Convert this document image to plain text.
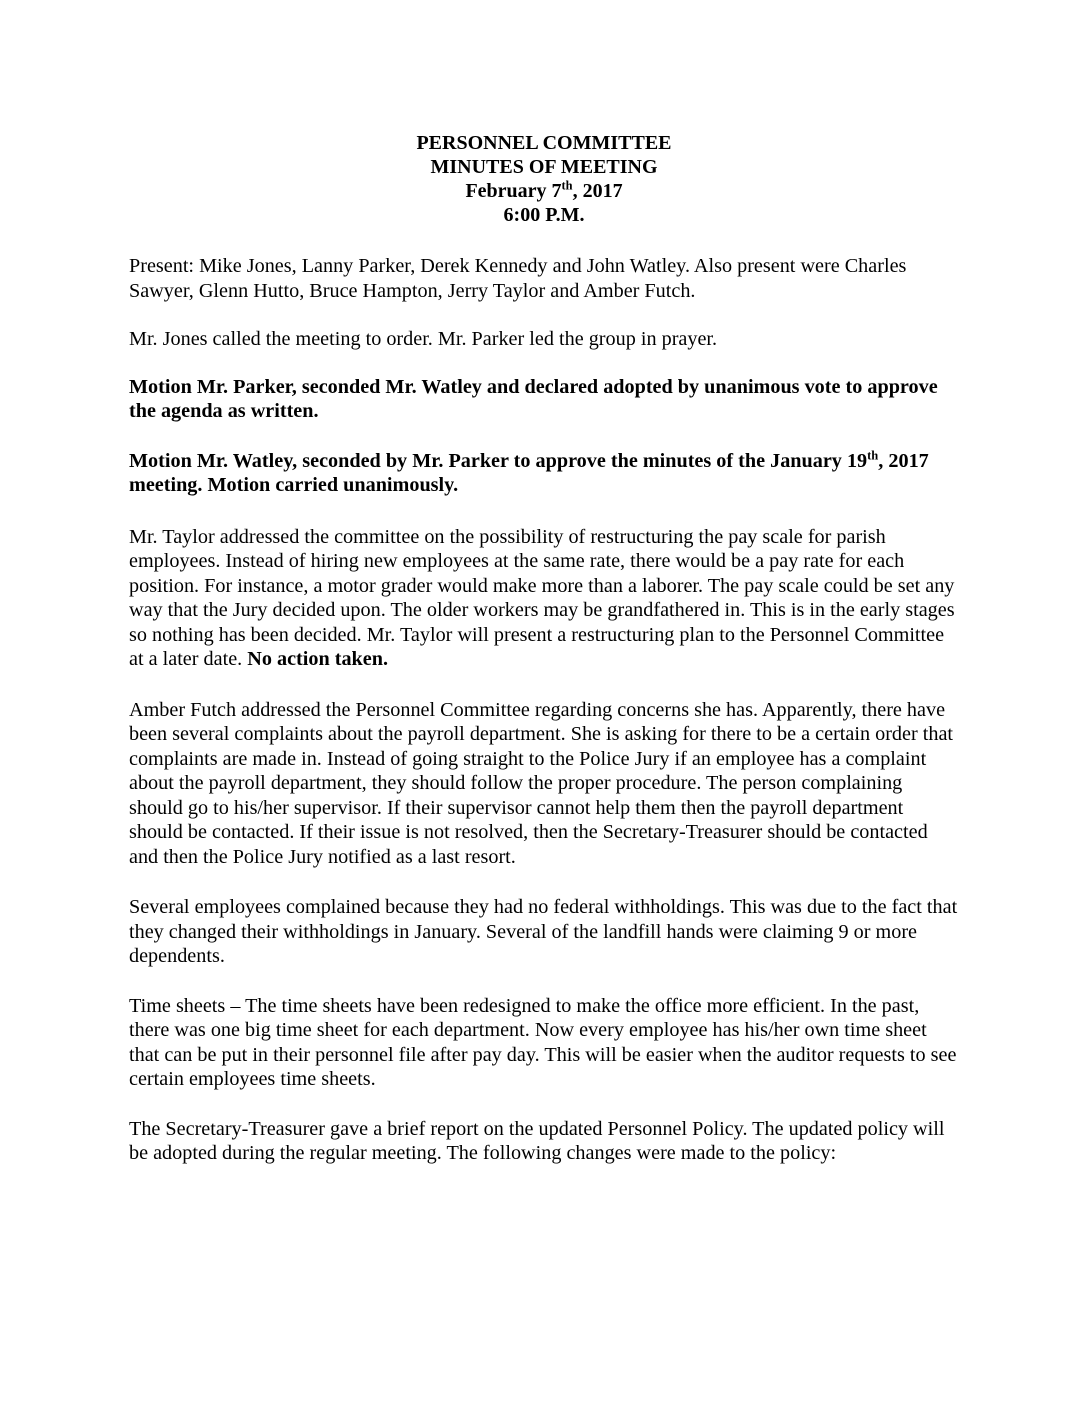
PERSONNEL COMMITTEE
MINUTES OF MEETING
February 7th, 2017
6:00 P.M.

Present: Mike Jones, Lanny Parker, Derek Kennedy and John Watley. Also present were Charles Sawyer, Glenn Hutto, Bruce Hampton, Jerry Taylor and Amber Futch.

Mr. Jones called the meeting to order. Mr. Parker led the group in prayer.

Motion Mr. Parker, seconded Mr. Watley and declared adopted by unanimous vote to approve the agenda as written.

Motion Mr. Watley, seconded by Mr. Parker to approve the minutes of the January 19th, 2017 meeting. Motion carried unanimously.

Mr. Taylor addressed the committee on the possibility of restructuring the pay scale for parish employees. Instead of hiring new employees at the same rate, there would be a pay rate for each position. For instance, a motor grader would make more than a laborer. The pay scale could be set any way that the Jury decided upon. The older workers may be grandfathered in. This is in the early stages so nothing has been decided. Mr. Taylor will present a restructuring plan to the Personnel Committee at a later date. No action taken.

Amber Futch addressed the Personnel Committee regarding concerns she has. Apparently, there have been several complaints about the payroll department. She is asking for there to be a certain order that complaints are made in. Instead of going straight to the Police Jury if an employee has a complaint about the payroll department, they should follow the proper procedure. The person complaining should go to his/her supervisor. If their supervisor cannot help them then the payroll department should be contacted. If their issue is not resolved, then the Secretary-Treasurer should be contacted and then the Police Jury notified as a last resort.

Several employees complained because they had no federal withholdings. This was due to the fact that they changed their withholdings in January. Several of the landfill hands were claiming 9 or more dependents.

Time sheets – The time sheets have been redesigned to make the office more efficient. In the past, there was one big time sheet for each department. Now every employee has his/her own time sheet that can be put in their personnel file after pay day. This will be easier when the auditor requests to see certain employees time sheets.

The Secretary-Treasurer gave a brief report on the updated Personnel Policy. The updated policy will be adopted during the regular meeting. The following changes were made to the policy:
